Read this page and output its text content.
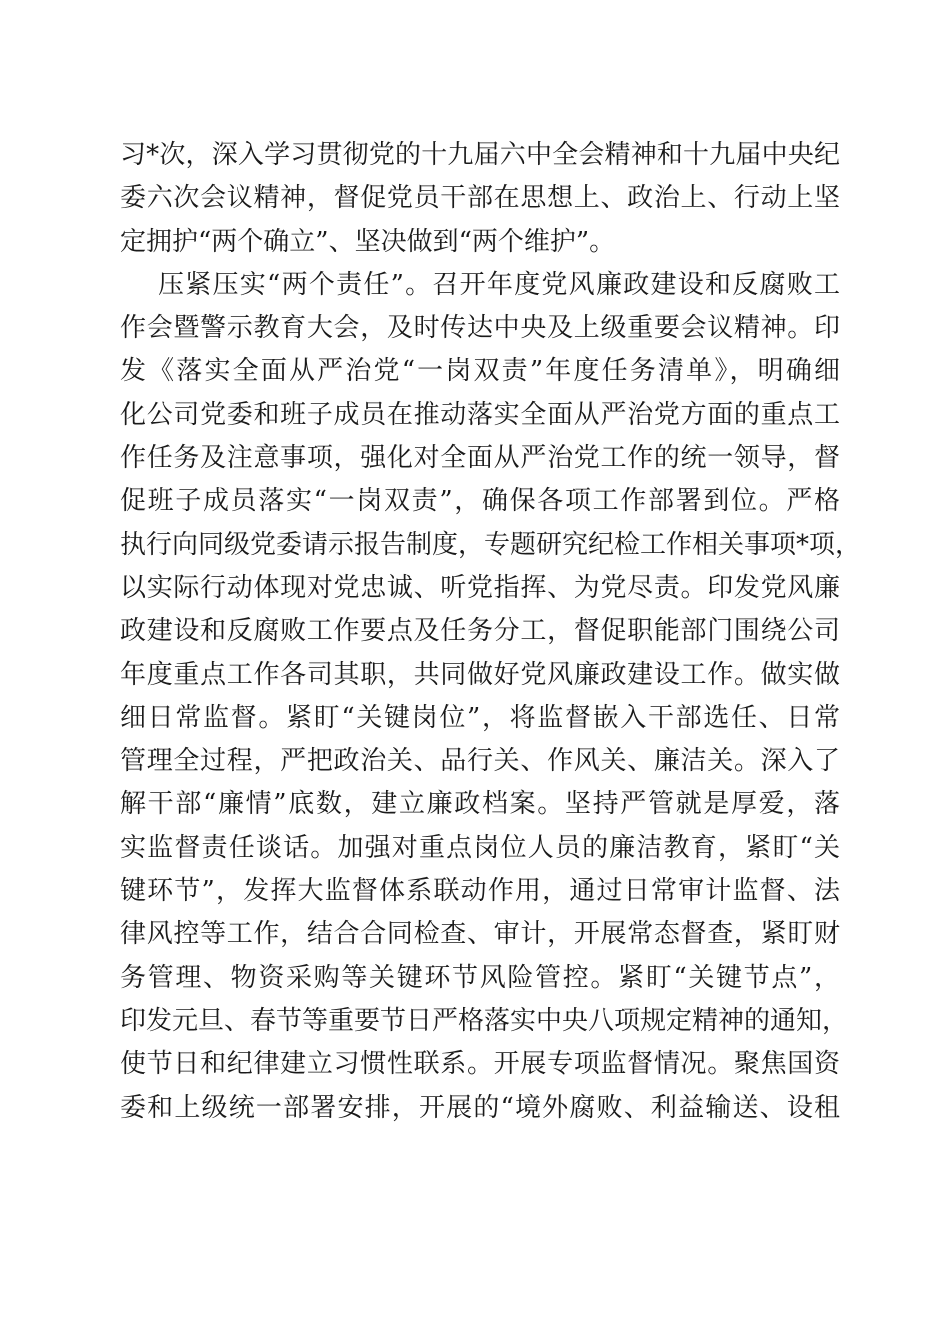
习*次，深入学习贯彻党的十九届六中全会精神和十九届中央纪
委六次会议精神，督促党员干部在思想上、政治上、行动上坚
定拥护“两个确立”、坚决做到“两个维护”。
压紧压实“两个责任”。召开年度党风廉政建设和反腐败工
作会暨警示教育大会，及时传达中央及上级重要会议精神。印
发《落实全面从严治党“一岗双责”年度任务清单》，明确细
化公司党委和班子成员在推动落实全面从严治党方面的重点工
作任务及注意事项，强化对全面从严治党工作的统一领导，督
促班子成员落实“一岗双责”，确保各项工作部署到位。严格
执行向同级党委请示报告制度，专题研究纪检工作相关事项*项，
以实际行动体现对党忠诚、听党指挥、为党尽责。印发党风廉
政建设和反腐败工作要点及任务分工，督促职能部门围绕公司
年度重点工作各司其职，共同做好党风廉政建设工作。做实做
细日常监督。紧盯“关键岗位”，将监督嵌入干部选任、日常
管理全过程，严把政治关、品行关、作风关、廉洁关。深入了
解干部“廉情”底数，建立廉政档案。坚持严管就是厚爱，落
实监督责任谈话。加强对重点岗位人员的廉洁教育，紧盯“关
键环节”，发挥大监督体系联动作用，通过日常审计监督、法
律风控等工作，结合合同检查、审计，开展常态督查，紧盯财
务管理、物资采购等关键环节风险管控。紧盯“关键节点”，
印发元旦、春节等重要节日严格落实中央八项规定精神的通知，
使节日和纪律建立习惯性联系。开展专项监督情况。聚焦国资
委和上级统一部署安排，开展的“境外腐败、利益输送、设租
